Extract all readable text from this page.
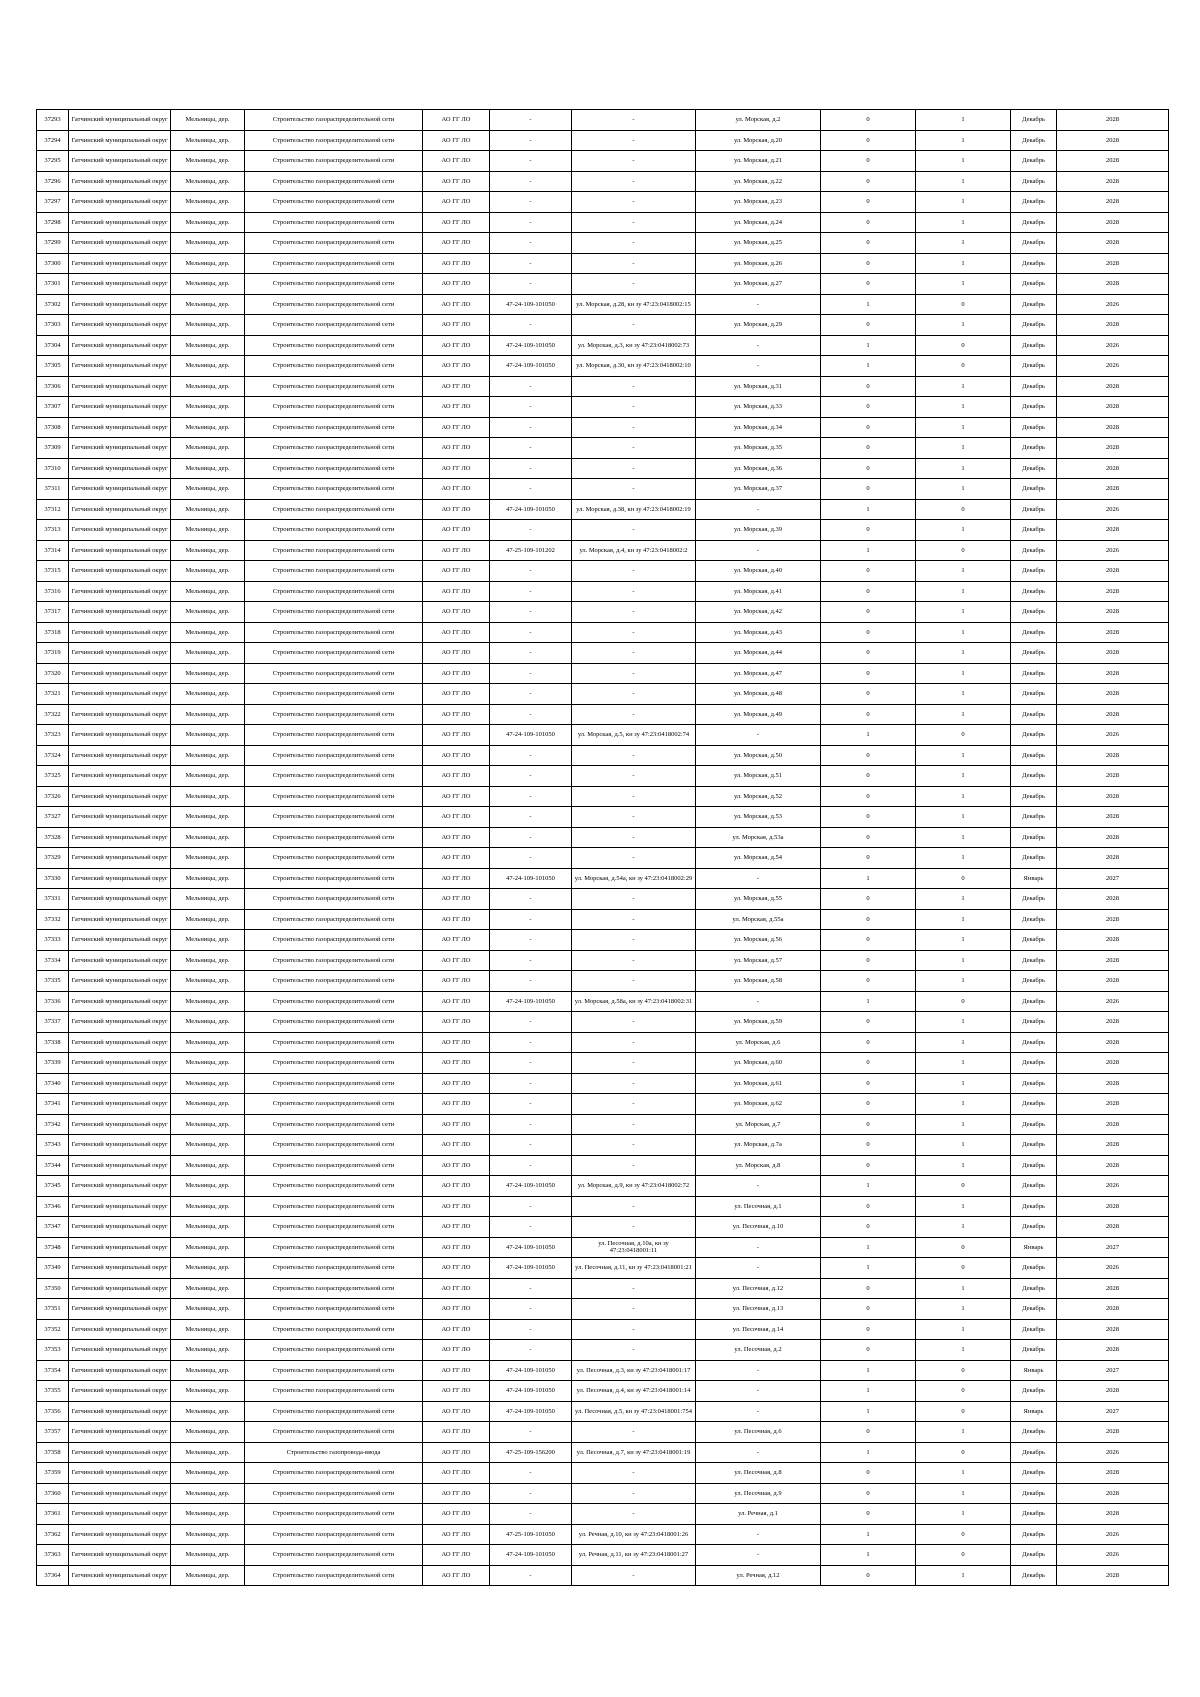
37293	Гатчинский муниципальный округ	Мельницы, дер.	Строительство газораспределительной сети	АО ГГ ЛО	-	-	ул. Морская, д.2	0	1	Декабрь	2028
37294	Гатчинский муниципальный округ	Мельницы, дер.	Строительство газораспределительной сети	АО ГГ ЛО	-	-	ул. Морская, д.20	0	1	Декабрь	2028
37295	Гатчинский муниципальный округ	Мельницы, дер.	Строительство газораспределительной сети	АО ГГ ЛО	-	-	ул. Морская, д.21	0	1	Декабрь	2028
37296	Гатчинский муниципальный округ	Мельницы, дер.	Строительство газораспределительной сети	АО ГГ ЛО	-	-	ул. Морская, д.22	0	1	Декабрь	2028
37297	Гатчинский муниципальный округ	Мельницы, дер.	Строительство газораспределительной сети	АО ГГ ЛО	-	-	ул. Морская, д.23	0	1	Декабрь	2028
37298	Гатчинский муниципальный округ	Мельницы, дер.	Строительство газораспределительной сети	АО ГГ ЛО	-	-	ул. Морская, д.24	0	1	Декабрь	2028
37299	Гатчинский муниципальный округ	Мельницы, дер.	Строительство газораспределительной сети	АО ГГ ЛО	-	-	ул. Морская, д.25	0	1	Декабрь	2028
37300	Гатчинский муниципальный округ	Мельницы, дер.	Строительство газораспределительной сети	АО ГГ ЛО	-	-	ул. Морская, д.26	0	1	Декабрь	2028
37301	Гатчинский муниципальный округ	Мельницы, дер.	Строительство газораспределительной сети	АО ГГ ЛО	-	-	ул. Морская, д.27	0	1	Декабрь	2028
37302	Гатчинский муниципальный округ	Мельницы, дер.	Строительство газораспределительной сети	АО ГГ ЛО	47-24-109-101050	ул. Морская, д.28, кн зу 47:23:0418002:15	-	1	0	Декабрь	2026
37303	Гатчинский муниципальный округ	Мельницы, дер.	Строительство газораспределительной сети	АО ГГ ЛО	-	-	ул. Морская, д.29	0	1	Декабрь	2028
37304	Гатчинский муниципальный округ	Мельницы, дер.	Строительство газораспределительной сети	АО ГГ ЛО	47-24-109-101050	ул. Морская, д.3, кн зу 47:23:0418002:73	-	1	0	Декабрь	2026
37305	Гатчинский муниципальный округ	Мельницы, дер.	Строительство газораспределительной сети	АО ГГ ЛО	47-24-109-101050	ул. Морская, д.30, кн зу 47:23:0418002:10	-	1	0	Декабрь	2026
37306	Гатчинский муниципальный округ	Мельницы, дер.	Строительство газораспределительной сети	АО ГГ ЛО	-	-	ул. Морская, д.31	0	1	Декабрь	2028
37307	Гатчинский муниципальный округ	Мельницы, дер.	Строительство газораспределительной сети	АО ГГ ЛО	-	-	ул. Морская, д.33	0	1	Декабрь	2028
37308	Гатчинский муниципальный округ	Мельницы, дер.	Строительство газораспределительной сети	АО ГГ ЛО	-	-	ул. Морская, д.34	0	1	Декабрь	2028
37309	Гатчинский муниципальный округ	Мельницы, дер.	Строительство газораспределительной сети	АО ГГ ЛО	-	-	ул. Морская, д.35	0	1	Декабрь	2028
37310	Гатчинский муниципальный округ	Мельницы, дер.	Строительство газораспределительной сети	АО ГГ ЛО	-	-	ул. Морская, д.36	0	1	Декабрь	2028
37311	Гатчинский муниципальный округ	Мельницы, дер.	Строительство газораспределительной сети	АО ГГ ЛО	-	-	ул. Морская, д.37	0	1	Декабрь	2028
37312	Гатчинский муниципальный округ	Мельницы, дер.	Строительство газораспределительной сети	АО ГГ ЛО	47-24-109-101050	ул. Морская, д.38, кн зу 47:23:0418002:19	-	1	0	Декабрь	2026
37313	Гатчинский муниципальный округ	Мельницы, дер.	Строительство газораспределительной сети	АО ГГ ЛО	-	-	ул. Морская, д.39	0	1	Декабрь	2028
37314	Гатчинский муниципальный округ	Мельницы, дер.	Строительство газораспределительной сети	АО ГГ ЛО	47-25-109-101202	ул. Морская, д.4, кн зу 47:23:0418002:2	-	1	0	Декабрь	2026
37315	Гатчинский муниципальный округ	Мельницы, дер.	Строительство газораспределительной сети	АО ГГ ЛО	-	-	ул. Морская, д.40	0	1	Декабрь	2028
37316	Гатчинский муниципальный округ	Мельницы, дер.	Строительство газораспределительной сети	АО ГГ ЛО	-	-	ул. Морская, д.41	0	1	Декабрь	2028
37317	Гатчинский муниципальный округ	Мельницы, дер.	Строительство газораспределительной сети	АО ГГ ЛО	-	-	ул. Морская, д.42	0	1	Декабрь	2028
37318	Гатчинский муниципальный округ	Мельницы, дер.	Строительство газораспределительной сети	АО ГГ ЛО	-	-	ул. Морская, д.43	0	1	Декабрь	2028
37319	Гатчинский муниципальный округ	Мельницы, дер.	Строительство газораспределительной сети	АО ГГ ЛО	-	-	ул. Морская, д.44	0	1	Декабрь	2028
37320	Гатчинский муниципальный округ	Мельницы, дер.	Строительство газораспределительной сети	АО ГГ ЛО	-	-	ул. Морская, д.47	0	1	Декабрь	2028
37321	Гатчинский муниципальный округ	Мельницы, дер.	Строительство газораспределительной сети	АО ГГ ЛО	-	-	ул. Морская, д.48	0	1	Декабрь	2028
37322	Гатчинский муниципальный округ	Мельницы, дер.	Строительство газораспределительной сети	АО ГГ ЛО	-	-	ул. Морская, д.49	0	1	Декабрь	2028
37323	Гатчинский муниципальный округ	Мельницы, дер.	Строительство газораспределительной сети	АО ГГ ЛО	47-24-109-101050	ул. Морская, д.5, кн зу 47:23:0418002:74	-	1	0	Декабрь	2026
37324	Гатчинский муниципальный округ	Мельницы, дер.	Строительство газораспределительной сети	АО ГГ ЛО	-	-	ул. Морская, д.50	0	1	Декабрь	2028
37325	Гатчинский муниципальный округ	Мельницы, дер.	Строительство газораспределительной сети	АО ГГ ЛО	-	-	ул. Морская, д.51	0	1	Декабрь	2028
37326	Гатчинский муниципальный округ	Мельницы, дер.	Строительство газораспределительной сети	АО ГГ ЛО	-	-	ул. Морская, д.52	0	1	Декабрь	2028
37327	Гатчинский муниципальный округ	Мельницы, дер.	Строительство газораспределительной сети	АО ГГ ЛО	-	-	ул. Морская, д.53	0	1	Декабрь	2028
37328	Гатчинский муниципальный округ	Мельницы, дер.	Строительство газораспределительной сети	АО ГГ ЛО	-	-	ул. Морская, д.53а	0	1	Декабрь	2028
37329	Гатчинский муниципальный округ	Мельницы, дер.	Строительство газораспределительной сети	АО ГГ ЛО	-	-	ул. Морская, д.54	0	1	Декабрь	2028
37330	Гатчинский муниципальный округ	Мельницы, дер.	Строительство газораспределительной сети	АО ГГ ЛО	47-24-109-101050	ул. Морская, д.54а, кн зу 47:23:0418002:29	-	1	0	Январь	2027
37331	Гатчинский муниципальный округ	Мельницы, дер.	Строительство газораспределительной сети	АО ГГ ЛО	-	-	ул. Морская, д.55	0	1	Декабрь	2028
37332	Гатчинский муниципальный округ	Мельницы, дер.	Строительство газораспределительной сети	АО ГГ ЛО	-	-	ул. Морская, д.55а	0	1	Декабрь	2028
37333	Гатчинский муниципальный округ	Мельницы, дер.	Строительство газораспределительной сети	АО ГГ ЛО	-	-	ул. Морская, д.56	0	1	Декабрь	2028
37334	Гатчинский муниципальный округ	Мельницы, дер.	Строительство газораспределительной сети	АО ГГ ЛО	-	-	ул. Морская, д.57	0	1	Декабрь	2028
37335	Гатчинский муниципальный округ	Мельницы, дер.	Строительство газораспределительной сети	АО ГГ ЛО	-	-	ул. Морская, д.58	0	1	Декабрь	2028
37336	Гатчинский муниципальный округ	Мельницы, дер.	Строительство газораспределительной сети	АО ГГ ЛО	47-24-109-101050	ул. Морская, д.58а, кн зу 47:23:0418002:31	-	1	0	Декабрь	2026
37337	Гатчинский муниципальный округ	Мельницы, дер.	Строительство газораспределительной сети	АО ГГ ЛО	-	-	ул. Морская, д.59	0	1	Декабрь	2028
37338	Гатчинский муниципальный округ	Мельницы, дер.	Строительство газораспределительной сети	АО ГГ ЛО	-	-	ул. Морская, д.6	0	1	Декабрь	2028
37339	Гатчинский муниципальный округ	Мельницы, дер.	Строительство газораспределительной сети	АО ГГ ЛО	-	-	ул. Морская, д.60	0	1	Декабрь	2028
37340	Гатчинский муниципальный округ	Мельницы, дер.	Строительство газораспределительной сети	АО ГГ ЛО	-	-	ул. Морская, д.61	0	1	Декабрь	2028
37341	Гатчинский муниципальный округ	Мельницы, дер.	Строительство газораспределительной сети	АО ГГ ЛО	-	-	ул. Морская, д.62	0	1	Декабрь	2028
37342	Гатчинский муниципальный округ	Мельницы, дер.	Строительство газораспределительной сети	АО ГГ ЛО	-	-	ул. Морская, д.7	0	1	Декабрь	2028
37343	Гатчинский муниципальный округ	Мельницы, дер.	Строительство газораспределительной сети	АО ГГ ЛО	-	-	ул. Морская, д.7а	0	1	Декабрь	2028
37344	Гатчинский муниципальный округ	Мельницы, дер.	Строительство газораспределительной сети	АО ГГ ЛО	-	-	ул. Морская, д.8	0	1	Декабрь	2028
37345	Гатчинский муниципальный округ	Мельницы, дер.	Строительство газораспределительной сети	АО ГГ ЛО	47-24-109-101050	ул. Морская, д.9, кн зу 47:23:0418002:72	-	1	0	Декабрь	2026
37346	Гатчинский муниципальный округ	Мельницы, дер.	Строительство газораспределительной сети	АО ГГ ЛО	-	-	ул. Песочная, д.1	0	1	Декабрь	2028
37347	Гатчинский муниципальный округ	Мельницы, дер.	Строительство газораспределительной сети	АО ГГ ЛО	-	-	ул. Песочная, д.10	0	1	Декабрь	2028
37348	Гатчинский муниципальный округ	Мельницы, дер.	Строительство газораспределительной сети	АО ГГ ЛО	47-24-109-101050	ул. Песочная, д.10а, кн зу 47:23:0418001:11	-	1	0	Январь	2027
37349	Гатчинский муниципальный округ	Мельницы, дер.	Строительство газораспределительной сети	АО ГГ ЛО	47-24-109-101050	ул. Песочная, д.11, кн зу 47:23:0418001:21	-	1	0	Декабрь	2026
37350	Гатчинский муниципальный округ	Мельницы, дер.	Строительство газораспределительной сети	АО ГГ ЛО	-	-	ул. Песочная, д.12	0	1	Декабрь	2028
37351	Гатчинский муниципальный округ	Мельницы, дер.	Строительство газораспределительной сети	АО ГГ ЛО	-	-	ул. Песочная, д.13	0	1	Декабрь	2028
37352	Гатчинский муниципальный округ	Мельницы, дер.	Строительство газораспределительной сети	АО ГГ ЛО	-	-	ул. Песочная, д.14	0	1	Декабрь	2028
37353	Гатчинский муниципальный округ	Мельницы, дер.	Строительство газораспределительной сети	АО ГГ ЛО	-	-	ул. Песочная, д.2	0	1	Декабрь	2028
37354	Гатчинский муниципальный округ	Мельницы, дер.	Строительство газораспределительной сети	АО ГГ ЛО	47-24-109-101050	ул. Песочная, д.3, кн зу 47:23:0418001:17	-	1	0	Январь	2027
37355	Гатчинский муниципальный округ	Мельницы, дер.	Строительство газораспределительной сети	АО ГГ ЛО	47-24-109-101050	ул. Песочная, д.4, кн зу 47:23:0418001:14	-	1	0	Декабрь	2028
37356	Гатчинский муниципальный округ	Мельницы, дер.	Строительство газораспределительной сети	АО ГГ ЛО	47-24-109-101050	ул. Песочная, д.5, кн зу 47:23:0418001:754	-	1	0	Январь	2027
37357	Гатчинский муниципальный округ	Мельницы, дер.	Строительство газораспределительной сети	АО ГГ ЛО	-	-	ул. Песочная, д.6	0	1	Декабрь	2028
37358	Гатчинский муниципальный округ	Мельницы, дер.	Строительство газопровода-ввода	АО ГГ ЛО	47-25-109-156200	ул. Песочная, д.7, кн зу 47:23:0418001:19	-	1	0	Декабрь	2026
37359	Гатчинский муниципальный округ	Мельницы, дер.	Строительство газораспределительной сети	АО ГГ ЛО	-	-	ул. Песочная, д.8	0	1	Декабрь	2028
37360	Гатчинский муниципальный округ	Мельницы, дер.	Строительство газораспределительной сети	АО ГГ ЛО	-	-	ул. Песочная, д.9	0	1	Декабрь	2028
37361	Гатчинский муниципальный округ	Мельницы, дер.	Строительство газораспределительной сети	АО ГГ ЛО	-	-	ул. Речная, д.1	0	1	Декабрь	2028
37362	Гатчинский муниципальный округ	Мельницы, дер.	Строительство газораспределительной сети	АО ГГ ЛО	47-25-109-101050	ул. Речная, д.10, кн зу 47:23:0418001:26	-	1	0	Декабрь	2026
37363	Гатчинский муниципальный округ	Мельницы, дер.	Строительство газораспределительной сети	АО ГГ ЛО	47-24-109-101050	ул. Речная, д.11, кн зу 47:23:0418001:27	-	1	0	Декабрь	2026
37364	Гатчинский муниципальный округ	Мельницы, дер.	Строительство газораспределительной сети	АО ГГ ЛО	-	-	ул. Речная, д.12	0	1	Декабрь	2028
